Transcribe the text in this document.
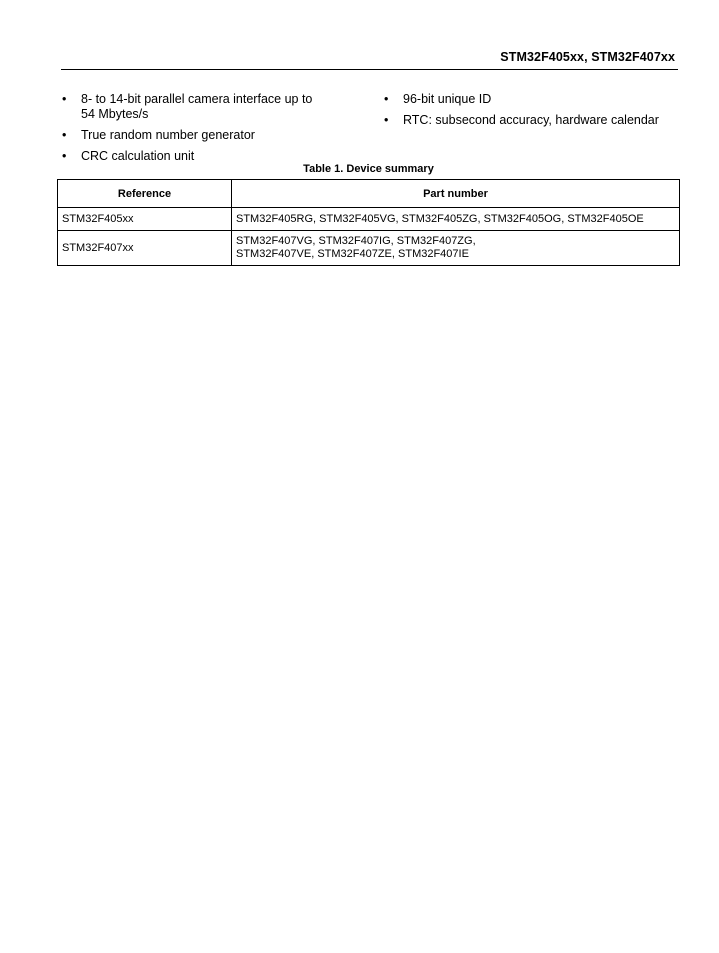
STM32F405xx, STM32F407xx
• 8- to 14-bit parallel camera interface up to
54 Mbytes/s
• True random number generator
• CRC calculation unit
• 96-bit unique ID
• RTC: subsecond accuracy, hardware calendar
Table 1. Device summary
Reference	Part number
STM32F405xx	STM32F405RG, STM32F405VG, STM32F405ZG, STM32F405OG, STM32F405OE

STM32F407xx	STM32F407VG, STM32F407IG, STM32F407ZG,
STM32F407VE, STM32F407ZE, STM32F407IE
